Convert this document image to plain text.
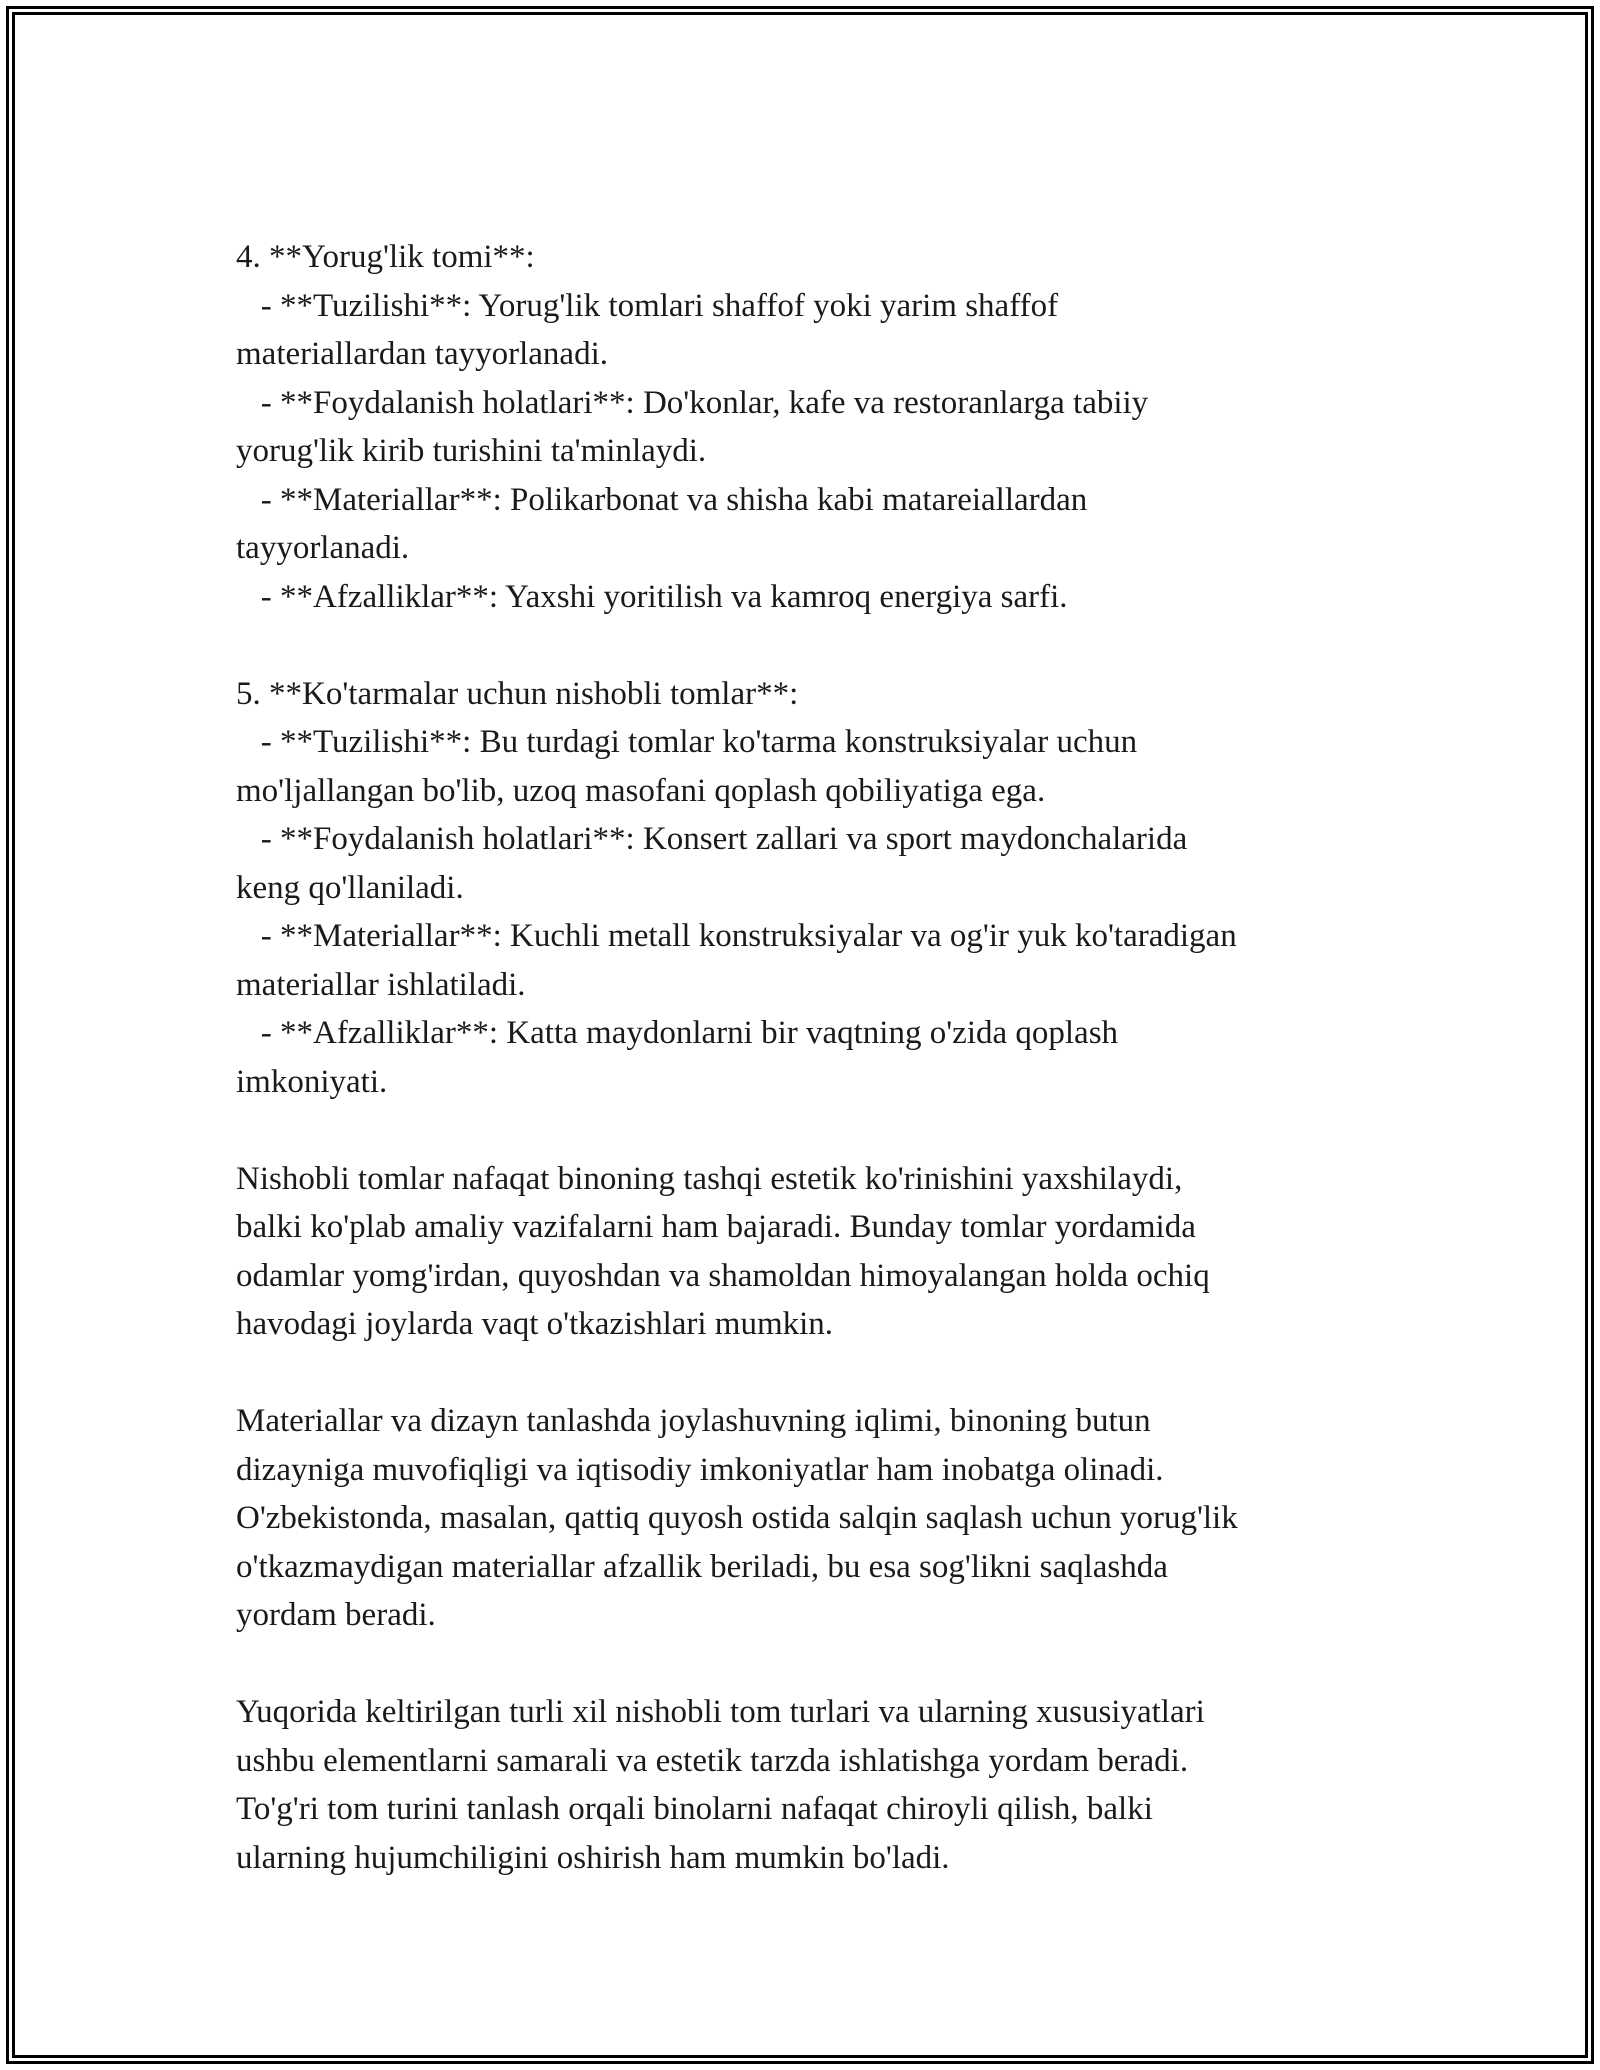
4. **Yorug'lik tomi**:
- **Tuzilishi**: Yorug'lik tomlari shaffof yoki yarim shaffof
materiallardan tayyorlanadi.
- **Foydalanish holatlari**: Do'konlar, kafe va restoranlarga tabiiy
yorug'lik kirib turishini ta'minlaydi.
- **Materiallar**: Polikarbonat va shisha kabi matareiallardan
tayyorlanadi.
- **Afzalliklar**: Yaxshi yoritilish va kamroq energiya sarfi.
5. **Ko'tarmalar uchun nishobli tomlar**:
- **Tuzilishi**: Bu turdagi tomlar ko'tarma konstruksiyalar uchun
mo'ljallangan bo'lib, uzoq masofani qoplash qobiliyatiga ega.
- **Foydalanish holatlari**: Konsert zallari va sport maydonchalarida
keng qo'llaniladi.
- **Materiallar**: Kuchli metall konstruksiyalar va og'ir yuk ko'taradigan
materiallar ishlatiladi.
- **Afzalliklar**: Katta maydonlarni bir vaqtning o'zida qoplash
imkoniyati.
Nishobli tomlar nafaqat binoning tashqi estetik ko'rinishini yaxshilaydi,
balki ko'plab amaliy vazifalarni ham bajaradi. Bunday tomlar yordamida
odamlar yomg'irdan, quyoshdan va shamoldan himoyalangan holda ochiq
havodagi joylarda vaqt o'tkazishlari mumkin.
Materiallar va dizayn tanlashda joylashuvning iqlimi, binoning butun
dizayniga muvofiqligi va iqtisodiy imkoniyatlar ham inobatga olinadi.
O'zbekistonda, masalan, qattiq quyosh ostida salqin saqlash uchun yorug'lik
o'tkazmaydigan materiallar afzallik beriladi, bu esa sog'likni saqlashda
yordam beradi.
Yuqorida keltirilgan turli xil nishobli tom turlari va ularning xususiyatlari
ushbu elementlarni samarali va estetik tarzda ishlatishga yordam beradi.
To'g'ri tom turini tanlash orqali binolarni nafaqat chiroyli qilish, balki
ularning hujumchiligini oshirish ham mumkin bo'ladi.
